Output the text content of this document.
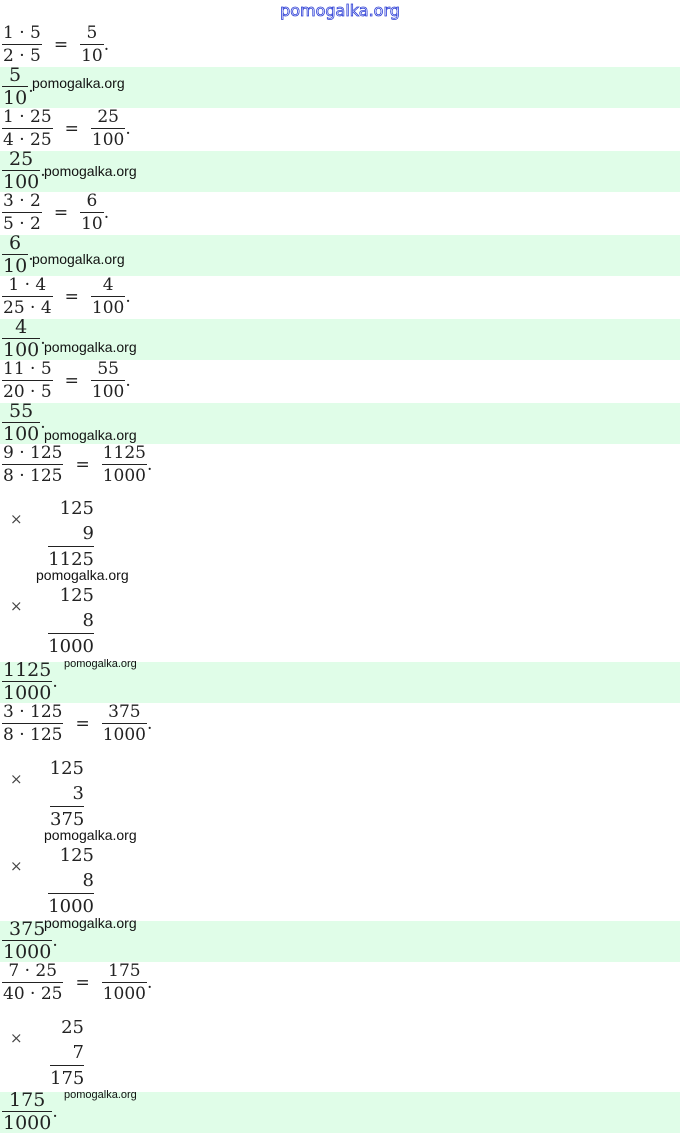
pomogalka.org
$\frac{1 \cdot 5}{2 \cdot 5} = \frac{5}{10}$ .
$\frac{5}{10}$ .
pomogalka.org
$\frac{1 \cdot 25}{4 \cdot 25} = \frac{25}{100}$ .
$\frac{25}{100}$ .
pomogalka.org
$\frac{3 \cdot 2}{5 \cdot 2} = \frac{6}{10}$ .
$\frac{6}{10}$ .
pomogalka.org
$\frac{1 \cdot 4}{25 \cdot 4} = \frac{4}{100}$ .
$\frac{4}{100}$ .
pomogalka.org
$\frac{11 \cdot 5}{20 \cdot 5} = \frac{55}{100}$ .
$\frac{55}{100}$ .
pomogalka.org
$\frac{9 \cdot 125}{8 \cdot 125} = \frac{1125}{1000}$ .
× 125
9
1125
pomogalka.org
× 125
8
1000
$\frac{1125}{1000}$ .
pomogalka.org
$\frac{3 \cdot 125}{8 \cdot 125} = \frac{375}{1000}$ .
× 125
3
375
pomogalka.org
× 125
8
1000
$\frac{375}{1000}$ .
pomogalka.org
$\frac{7 \cdot 25}{40 \cdot 25} = \frac{175}{1000}$ .
× 25
7
175
$\frac{175}{1000}$ .
pomogalka.org
